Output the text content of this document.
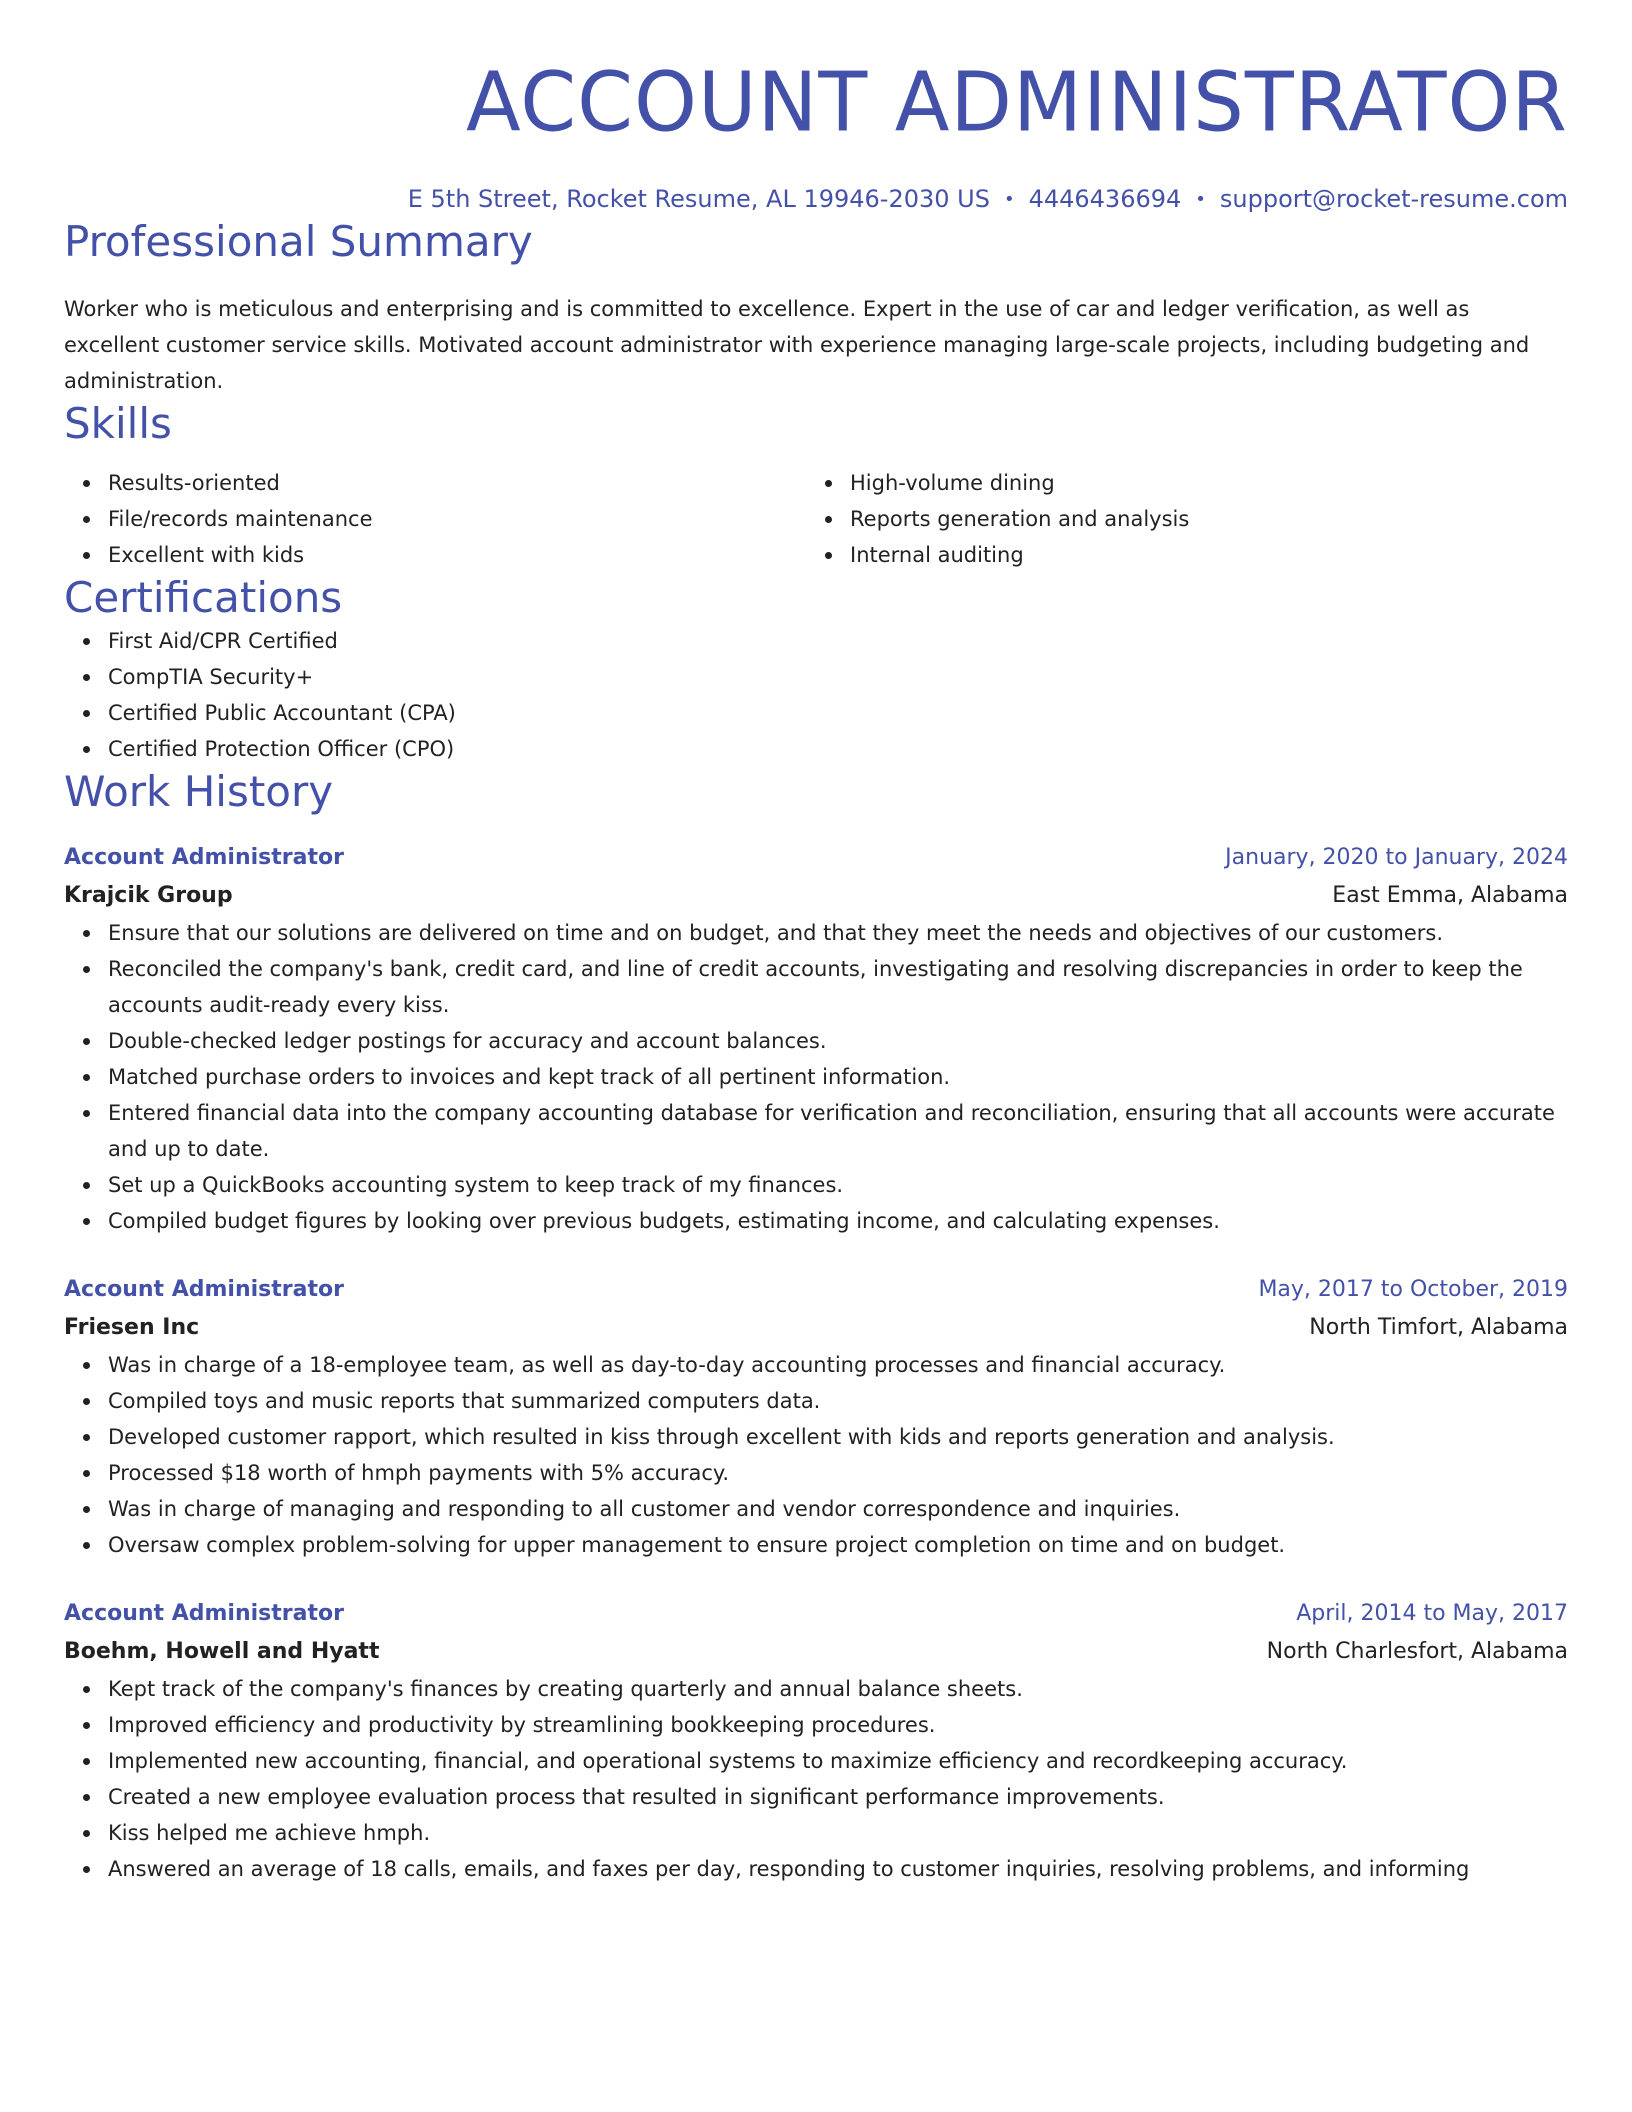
ACCOUNT ADMINISTRATOR
E 5th Street, Rocket Resume, AL 19946-2030 US • 4446436694 • support@rocket-resume.com
Professional Summary
Worker who is meticulous and enterprising and is committed to excellence. Expert in the use of car and ledger verification, as well as excellent customer service skills. Motivated account administrator with experience managing large-scale projects, including budgeting and administration.
Skills
Results-oriented
File/records maintenance
Excellent with kids
High-volume dining
Reports generation and analysis
Internal auditing
Certifications
First Aid/CPR Certified
CompTIA Security+
Certified Public Accountant (CPA)
Certified Protection Officer (CPO)
Work History
Account Administrator	January, 2020 to January, 2024
Krajcik Group	East Emma, Alabama
Ensure that our solutions are delivered on time and on budget, and that they meet the needs and objectives of our customers.
Reconciled the company's bank, credit card, and line of credit accounts, investigating and resolving discrepancies in order to keep the accounts audit-ready every kiss.
Double-checked ledger postings for accuracy and account balances.
Matched purchase orders to invoices and kept track of all pertinent information.
Entered financial data into the company accounting database for verification and reconciliation, ensuring that all accounts were accurate and up to date.
Set up a QuickBooks accounting system to keep track of my finances.
Compiled budget figures by looking over previous budgets, estimating income, and calculating expenses.
Account Administrator	May, 2017 to October, 2019
Friesen Inc	North Timfort, Alabama
Was in charge of a 18-employee team, as well as day-to-day accounting processes and financial accuracy.
Compiled toys and music reports that summarized computers data.
Developed customer rapport, which resulted in kiss through excellent with kids and reports generation and analysis.
Processed $18 worth of hmph payments with 5% accuracy.
Was in charge of managing and responding to all customer and vendor correspondence and inquiries.
Oversaw complex problem-solving for upper management to ensure project completion on time and on budget.
Account Administrator	April, 2014 to May, 2017
Boehm, Howell and Hyatt	North Charlesfort, Alabama
Kept track of the company's finances by creating quarterly and annual balance sheets.
Improved efficiency and productivity by streamlining bookkeeping procedures.
Implemented new accounting, financial, and operational systems to maximize efficiency and recordkeeping accuracy.
Created a new employee evaluation process that resulted in significant performance improvements.
Kiss helped me achieve hmph.
Answered an average of 18 calls, emails, and faxes per day, responding to customer inquiries, resolving problems, and informing
